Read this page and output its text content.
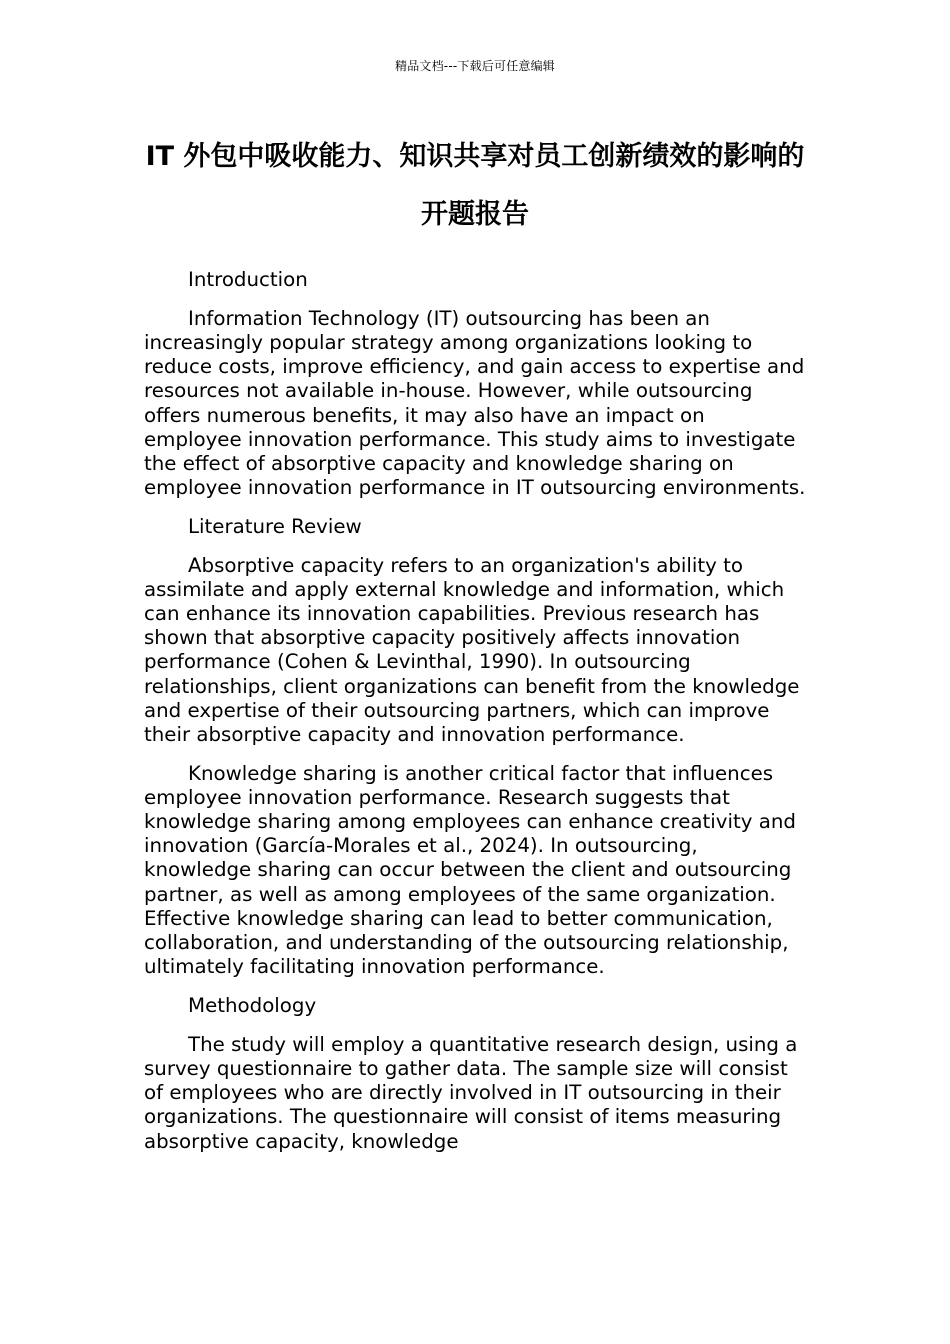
精品文档---下载后可任意编辑
IT 外包中吸收能力、知识共享对员工创新绩效的影响的开题报告

Introduction

Information Technology (IT) outsourcing has been an increasingly popular strategy among organizations looking to reduce costs, improve efficiency, and gain access to expertise and resources not available in-house. However, while outsourcing offers numerous benefits, it may also have an impact on employee innovation performance. This study aims to investigate the effect of absorptive capacity and knowledge sharing on employee innovation performance in IT outsourcing environments.

Literature Review

Absorptive capacity refers to an organization's ability to assimilate and apply external knowledge and information, which can enhance its innovation capabilities. Previous research has shown that absorptive capacity positively affects innovation performance (Cohen & Levinthal, 1990). In outsourcing relationships, client organizations can benefit from the knowledge and expertise of their outsourcing partners, which can improve their absorptive capacity and innovation performance.

Knowledge sharing is another critical factor that influences employee innovation performance. Research suggests that knowledge sharing among employees can enhance creativity and innovation (García-Morales et al., 2024). In outsourcing, knowledge sharing can occur between the client and outsourcing partner, as well as among employees of the same organization. Effective knowledge sharing can lead to better communication, collaboration, and understanding of the outsourcing relationship, ultimately facilitating innovation performance.

Methodology

The study will employ a quantitative research design, using a survey questionnaire to gather data. The sample size will consist of employees who are directly involved in IT outsourcing in their organizations. The questionnaire will consist of items measuring absorptive capacity, knowledge
